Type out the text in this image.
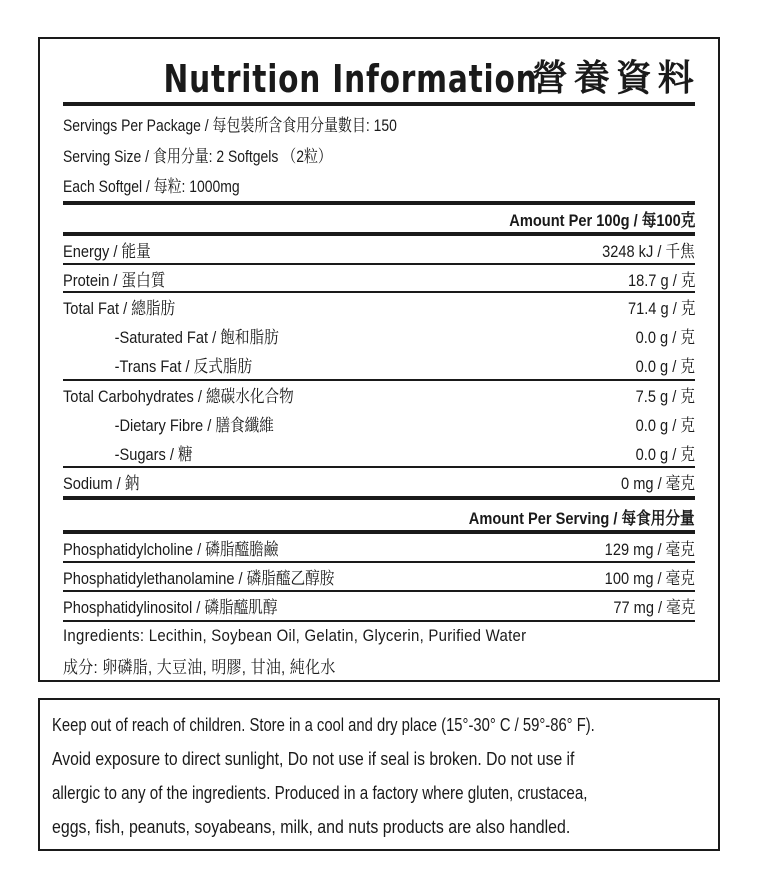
Nutrition Information
營養資料
Servings Per Package / 每包裝所含食用分量數目: 150
Serving Size / 食用分量: 2 Softgels （2粒）
Each Softgel / 每粒: 1000mg
Amount Per 100g / 每100克
Energy / 能量	3248 kJ / 千焦
Protein / 蛋白質	18.7 g / 克
Total Fat / 總脂肪	71.4 g / 克
-Saturated Fat / 飽和脂肪	0.0 g / 克
-Trans Fat / 反式脂肪	0.0 g / 克
Total Carbohydrates / 總碳水化合物	7.5 g / 克
-Dietary Fibre / 膳食纖維	0.0 g / 克
-Sugars / 糖	0.0 g / 克
Sodium / 鈉	0 mg / 毫克
Amount Per Serving / 每食用分量
Phosphatidylcholine / 磷脂醯膽鹼	129 mg / 毫克
Phosphatidylethanolamine / 磷脂醯乙醇胺	100 mg / 毫克
Phosphatidylinositol / 磷脂醯肌醇	77 mg / 毫克
Ingredients: Lecithin, Soybean Oil, Gelatin, Glycerin, Purified Water
成分: 卵磷脂, 大豆油, 明膠, 甘油, 純化水

Keep out of reach of children. Store in a cool and dry place (15°-30° C / 59°-86° F).

Avoid exposure to direct sunlight, Do not use if seal is broken. Do not use if

allergic to any of the ingredients. Produced in a factory where gluten, crustacea,

eggs, fish, peanuts, soyabeans, milk, and nuts products are also handled.
